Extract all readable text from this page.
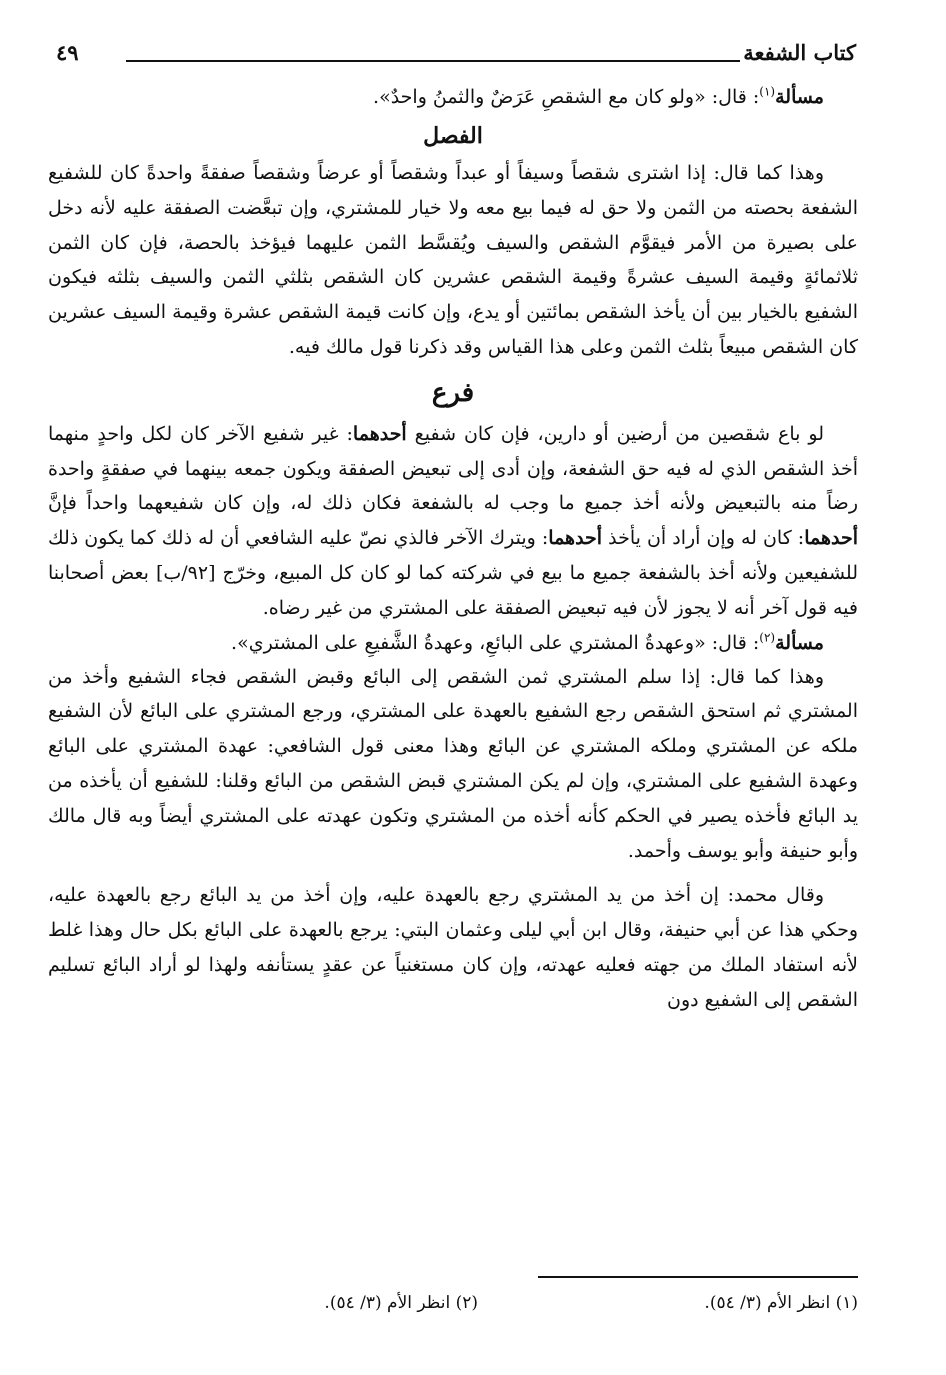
كتاب الشفعة
٤٩

مسألة$^{(١)}$: قال: «ولو كان مع الشقصِ عَرَضٌ والثمنُ واحدٌ».

الفصل

وهذا كما قال: إذا اشترى شقصاً وسيفاً أو عبداً وشقصاً أو عرضاً وشقصاً صفقةً واحدةً كان للشفيع الشفعة بحصته من الثمن ولا حق له فيما بيع معه ولا خيار للمشتري، وإن تبعَّضت الصفقة عليه لأنه دخل على بصيرة من الأمر فيقوَّم الشقص والسيف ويُقسَّط الثمن عليهما فيؤخذ بالحصة، فإن كان الثمن ثلاثمائةٍ وقيمة السيف عشرةً وقيمة الشقص عشرين كان الشقص بثلثي الثمن والسيف بثلثه فيكون الشفيع بالخيار بين أن يأخذ الشقص بمائتين أو يدع، وإن كانت قيمة الشقص عشرة وقيمة السيف عشرين كان الشقص مبيعاً بثلث الثمن وعلى هذا القياس وقد ذكرنا قول مالك فيه.

فرع

لو باع شقصين من أرضين أو دارين، فإن كان شفيع أحدهما: غير شفيع الآخر كان لكل واحدٍ منهما أخذ الشقص الذي له فيه حق الشفعة، وإن أدى إلى تبعيض الصفقة ويكون جمعه بينهما في صفقةٍ واحدة رضاً منه بالتبعيض ولأنه أخذ جميع ما وجب له بالشفعة فكان ذلك له، وإن كان شفيعهما واحداً فإنَّ أحدهما: كان له وإن أراد أن يأخذ أحدهما: ويترك الآخر فالذي نصّ عليه الشافعي أن له ذلك كما يكون ذلك للشفيعين ولأنه أخذ بالشفعة جميع ما بيع في شركته كما لو كان كل المبيع، وخرّج [٩٢/ب] بعض أصحابنا فيه قول آخر أنه لا يجوز لأن فيه تبعيض الصفقة على المشتري من غير رضاه.

مسألة$^{(٢)}$: قال: «وعهدةُ المشتري على البائعِ، وعهدةُ الشَّفيعِ على المشتري».

وهذا كما قال: إذا سلم المشتري ثمن الشقص إلى البائع وقبض الشقص فجاء الشفيع وأخذ من المشتري ثم استحق الشقص رجع الشفيع بالعهدة على المشتري، ورجع المشتري على البائع لأن الشفيع ملكه عن المشتري وملكه المشتري عن البائع وهذا معنى قول الشافعي: عهدة المشتري على البائع وعهدة الشفيع على المشتري، وإن لم يكن المشتري قبض الشقص من البائع وقلنا: للشفيع أن يأخذه من يد البائع فأخذه يصير في الحكم كأنه أخذه من المشتري وتكون عهدته على المشتري أيضاً وبه قال مالك وأبو حنيفة وأبو يوسف وأحمد.

وقال محمد: إن أخذ من يد المشتري رجع بالعهدة عليه، وإن أخذ من يد البائع رجع بالعهدة عليه، وحكي هذا عن أبي حنيفة، وقال ابن أبي ليلى وعثمان البتي: يرجع بالعهدة على البائع بكل حال وهذا غلط لأنه استفاد الملك من جهته فعليه عهدته، وإن كان مستغنياً عن عقدٍ يستأنفه ولهذا لو أراد البائع تسليم الشقص إلى الشفيع دون

(١) انظر الأم (٣/ ٥٤).
(٢) انظر الأم (٣/ ٥٤).
